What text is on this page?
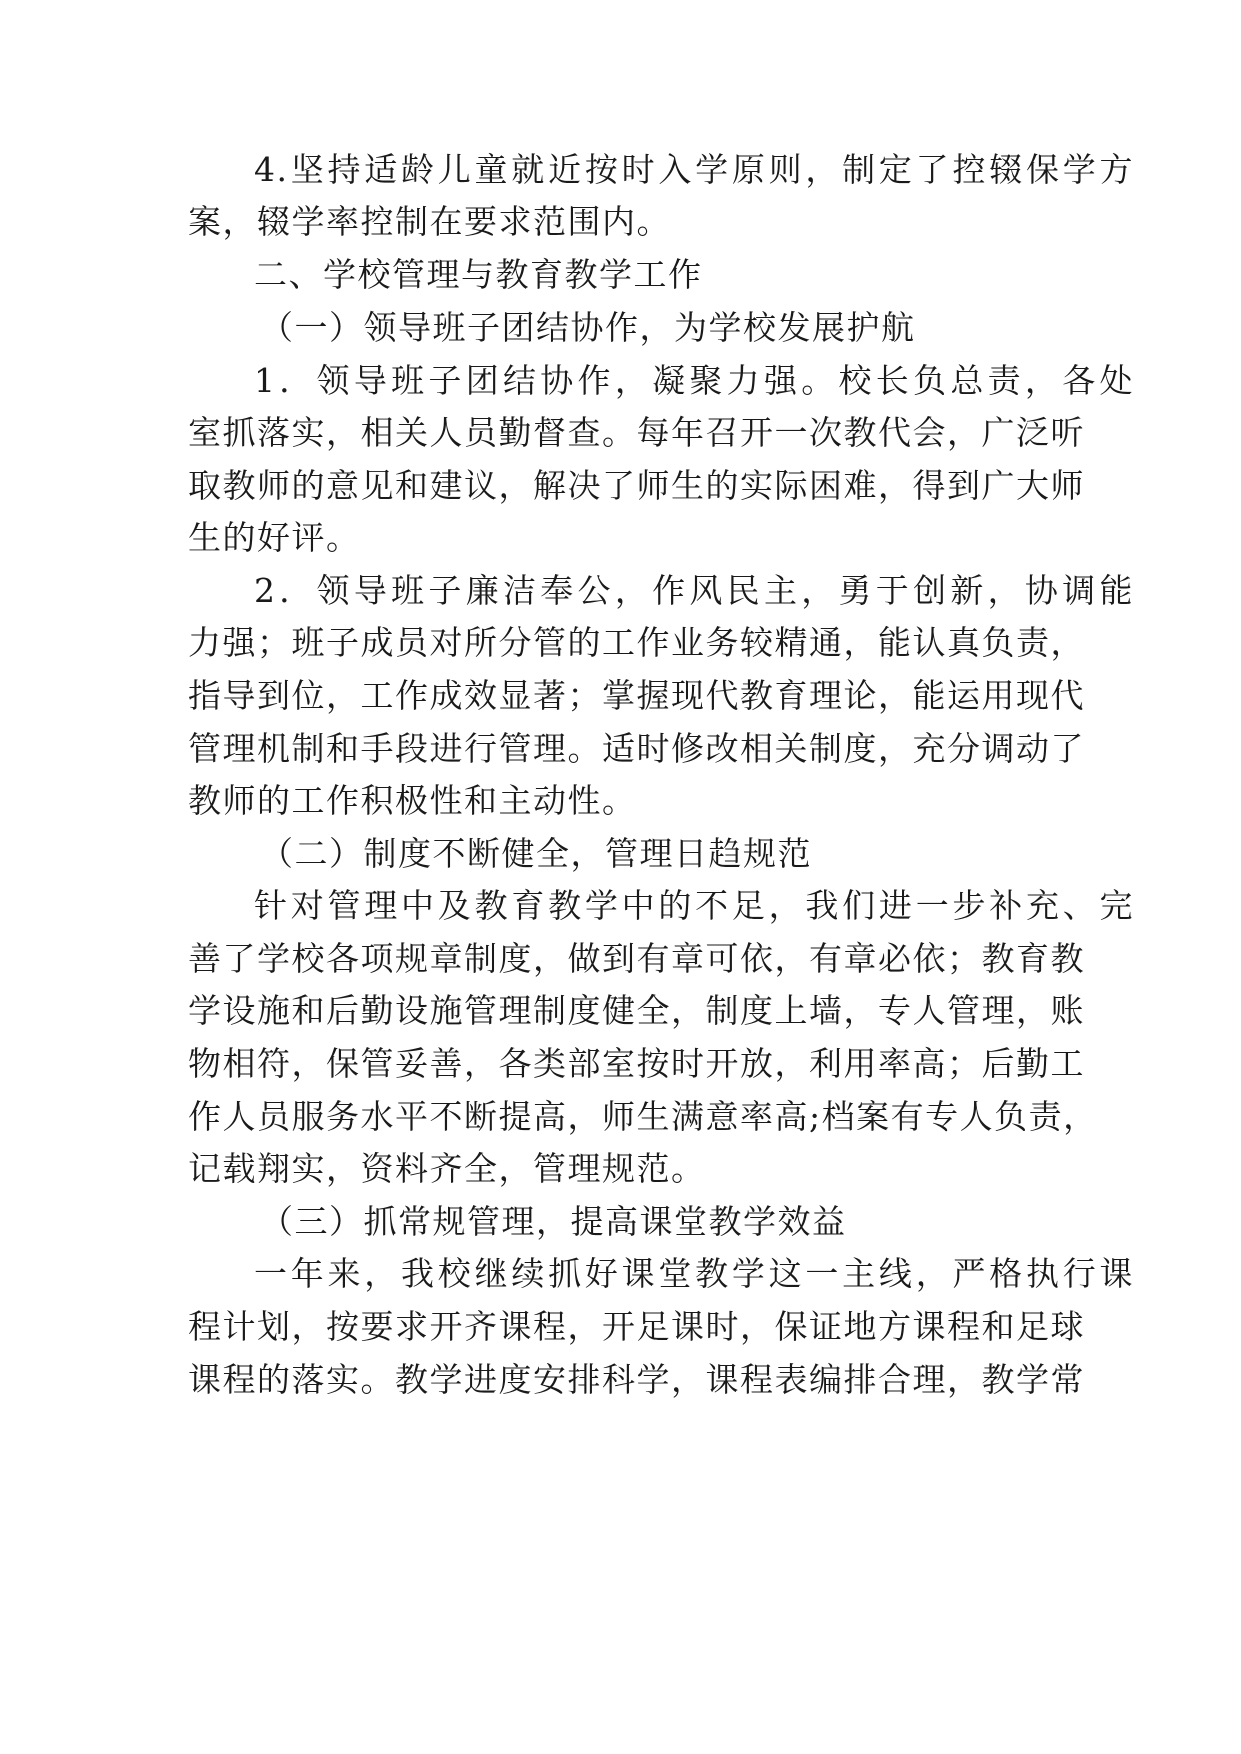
4.坚持适龄儿童就近按时入学原则，制定了控辍保学方
案，辍学率控制在要求范围内。
二、学校管理与教育教学工作
（一）领导班子团结协作，为学校发展护航
1．领导班子团结协作，凝聚力强。校长负总责，各处
室抓落实，相关人员勤督查。每年召开一次教代会，广泛听
取教师的意见和建议，解决了师生的实际困难，得到广大师
生的好评。
2．领导班子廉洁奉公，作风民主，勇于创新，协调能
力强；班子成员对所分管的工作业务较精通，能认真负责，
指导到位，工作成效显著；掌握现代教育理论，能运用现代
管理机制和手段进行管理。适时修改相关制度，充分调动了
教师的工作积极性和主动性。
（二）制度不断健全，管理日趋规范
针对管理中及教育教学中的不足，我们进一步补充、完
善了学校各项规章制度，做到有章可依，有章必依；教育教
学设施和后勤设施管理制度健全，制度上墙，专人管理，账
物相符，保管妥善，各类部室按时开放，利用率高；后勤工
作人员服务水平不断提高，师生满意率高;档案有专人负责，
记载翔实，资料齐全，管理规范。
（三）抓常规管理，提高课堂教学效益
一年来，我校继续抓好课堂教学这一主线，严格执行课
程计划，按要求开齐课程，开足课时，保证地方课程和足球
课程的落实。教学进度安排科学，课程表编排合理，教学常
